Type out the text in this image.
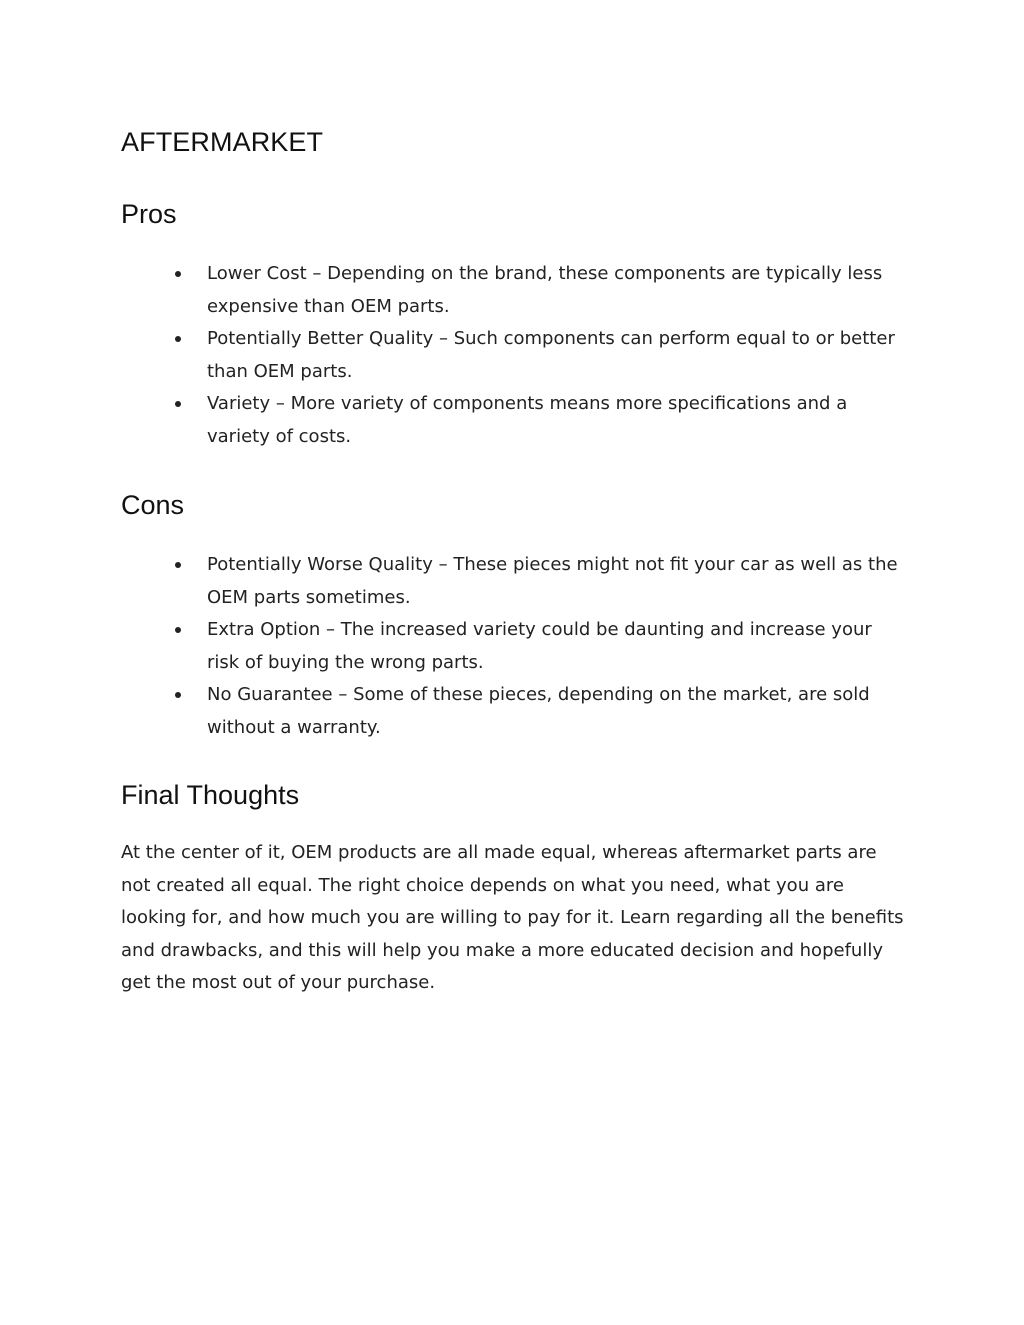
AFTERMARKET
Pros
Lower Cost – Depending on the brand, these components are typically less expensive than OEM parts.
Potentially Better Quality – Such components can perform equal to or better than OEM parts.
Variety – More variety of components means more specifications and a variety of costs.
Cons
Potentially Worse Quality – These pieces might not fit your car as well as the OEM parts sometimes.
Extra Option – The increased variety could be daunting and increase your risk of buying the wrong parts.
No Guarantee – Some of these pieces, depending on the market, are sold without a warranty.
Final Thoughts

At the center of it, OEM products are all made equal, whereas aftermarket parts are not created all equal. The right choice depends on what you need, what you are looking for, and how much you are willing to pay for it. Learn regarding all the benefits and drawbacks, and this will help you make a more educated decision and hopefully get the most out of your purchase.
